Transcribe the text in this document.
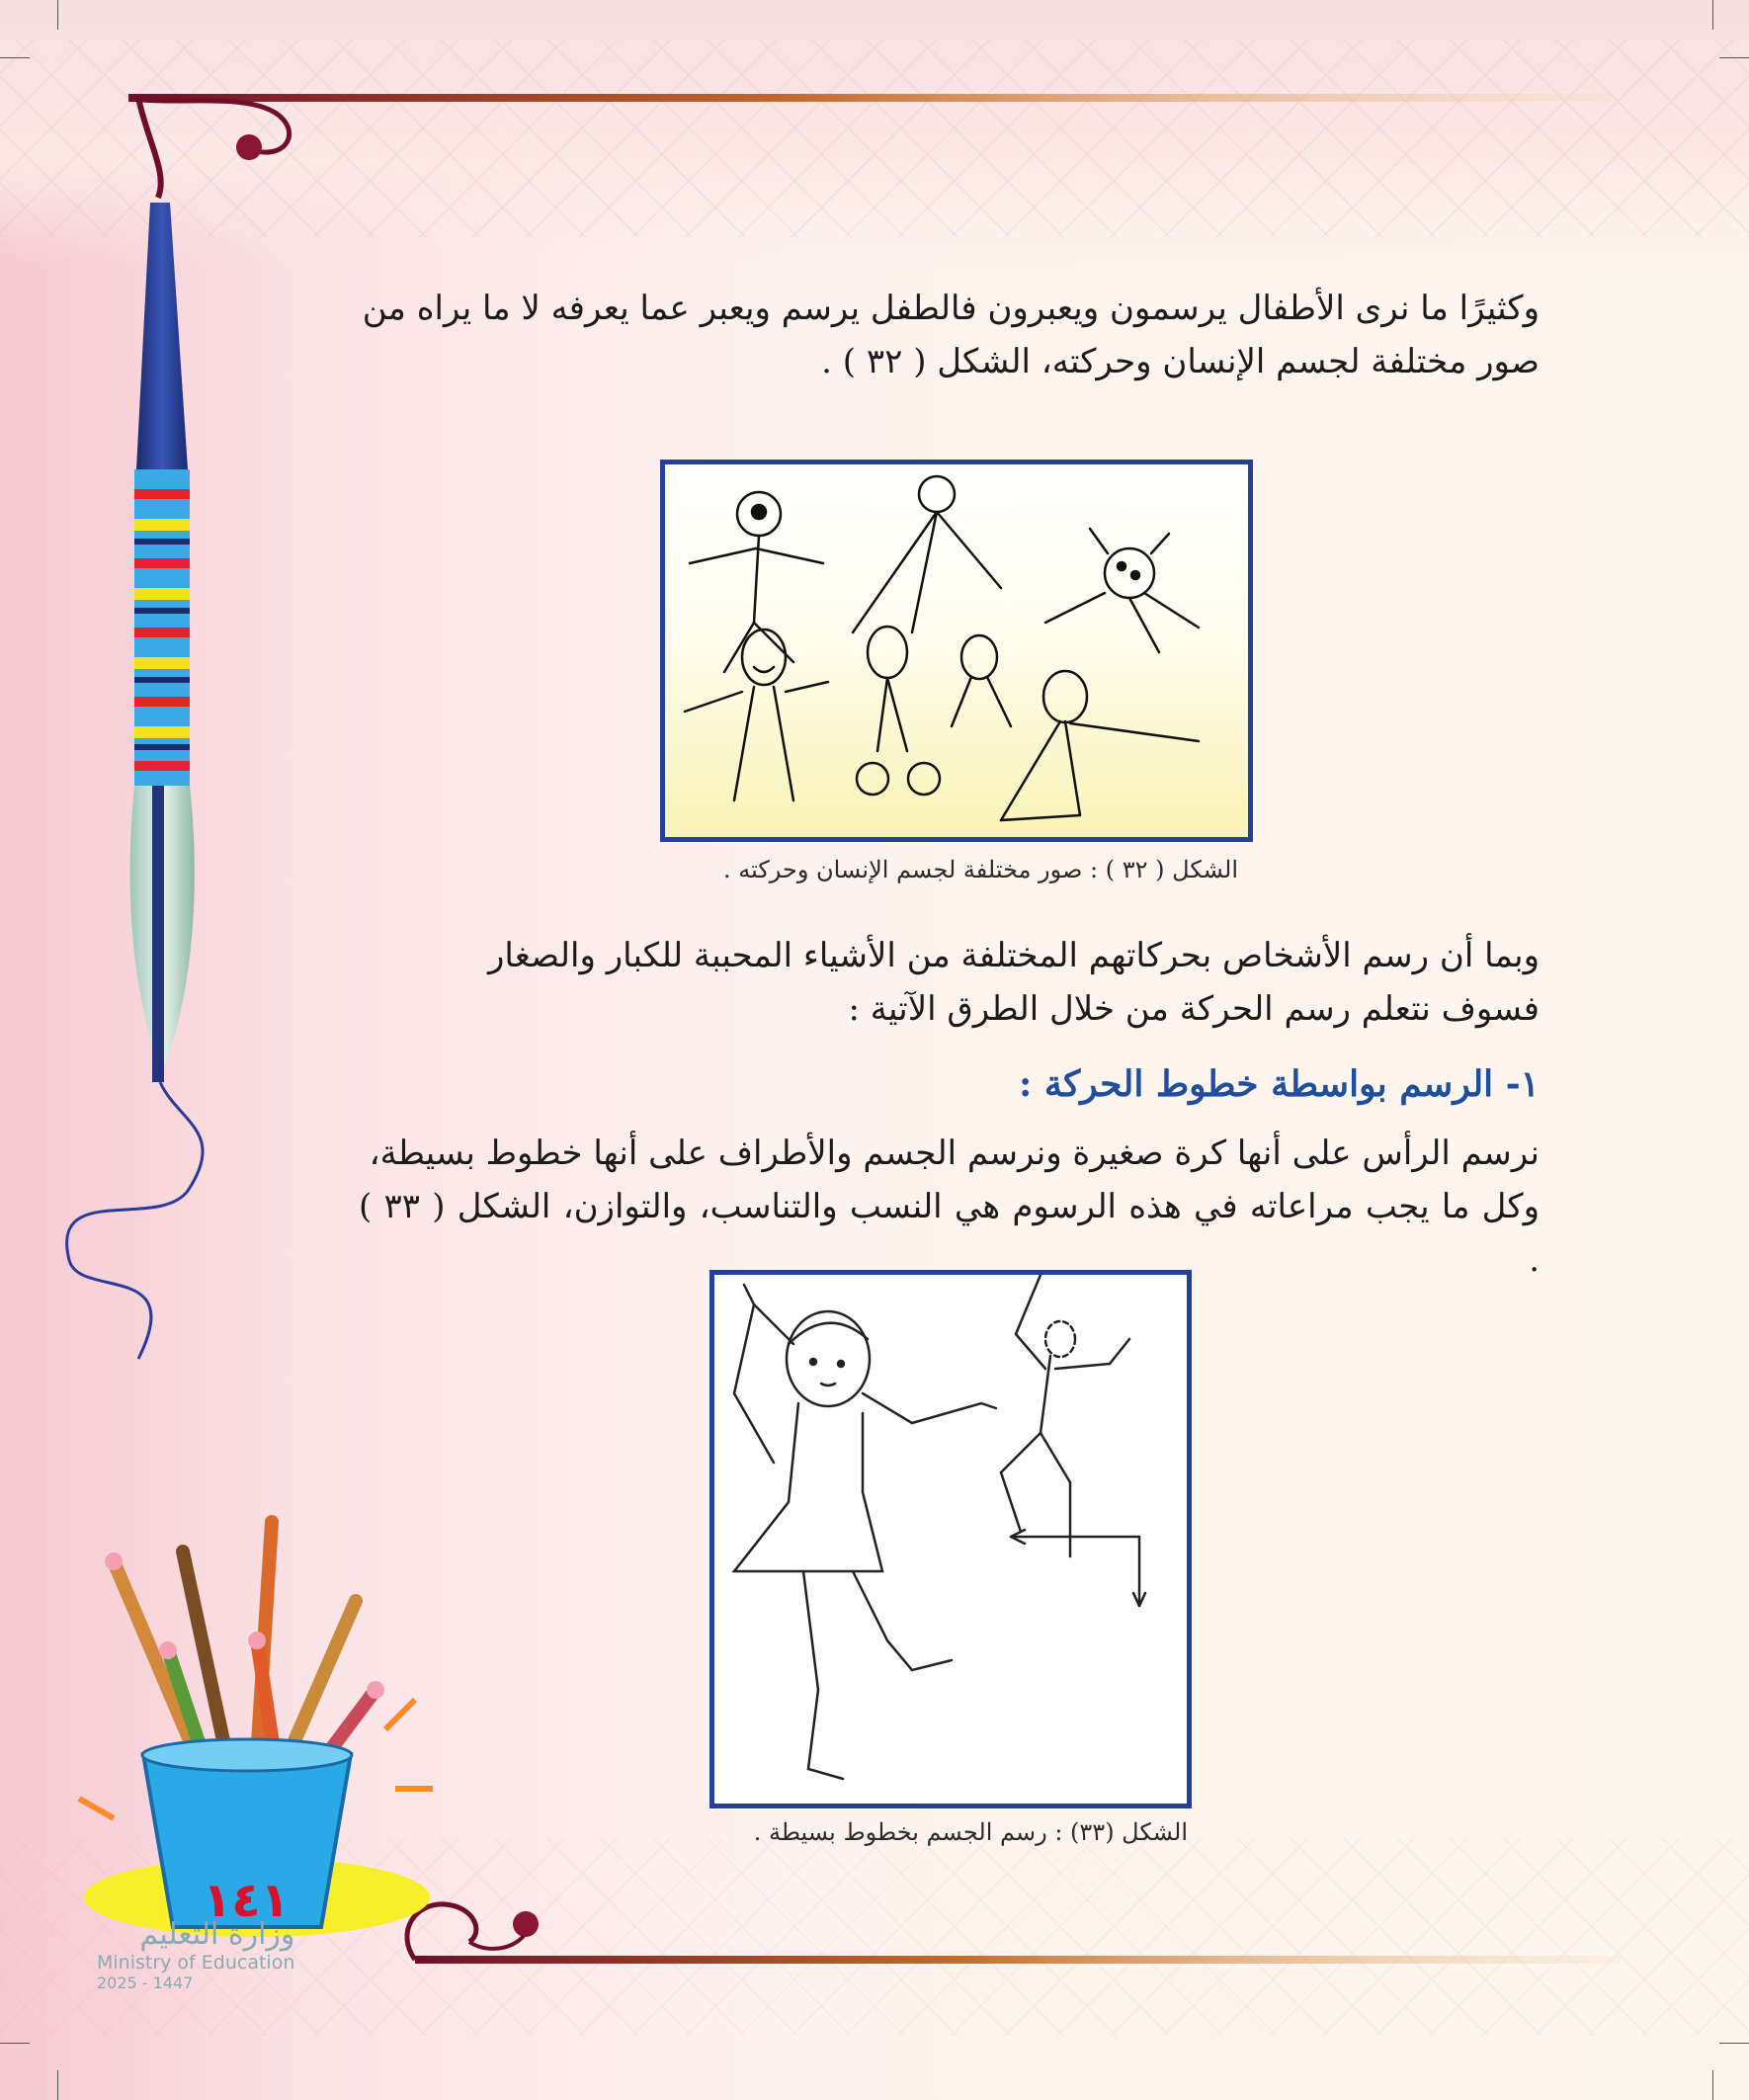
١٤١
وزارة التعليم
Ministry of Education
2025 - 1447
وكثيرًا ما نرى الأطفال يرسمون ويعبرون فالطفل يرسم ويعبر عما يعرفه لا ما يراه من
صور مختلفة لجسم الإنسان وحركته، الشكل ( ٣٢ ) .
الشكل ( ٣٢ ) : صور مختلفة لجسم الإنسان وحركته .
وبما أن رسم الأشخاص بحركاتهم المختلفة من الأشياء المحببة للكبار والصغار
فسوف نتعلم رسم الحركة من خلال الطرق الآتية :
١- الرسم بواسطة خطوط الحركة :
نرسم الرأس على أنها كرة صغيرة ونرسم الجسم والأطراف على أنها خطوط بسيطة،
وكل ما يجب مراعاته في هذه الرسوم هي النسب والتناسب، والتوازن، الشكل ( ٣٣ ) .
الشكل (٣٣) : رسم الجسم بخطوط بسيطة .
